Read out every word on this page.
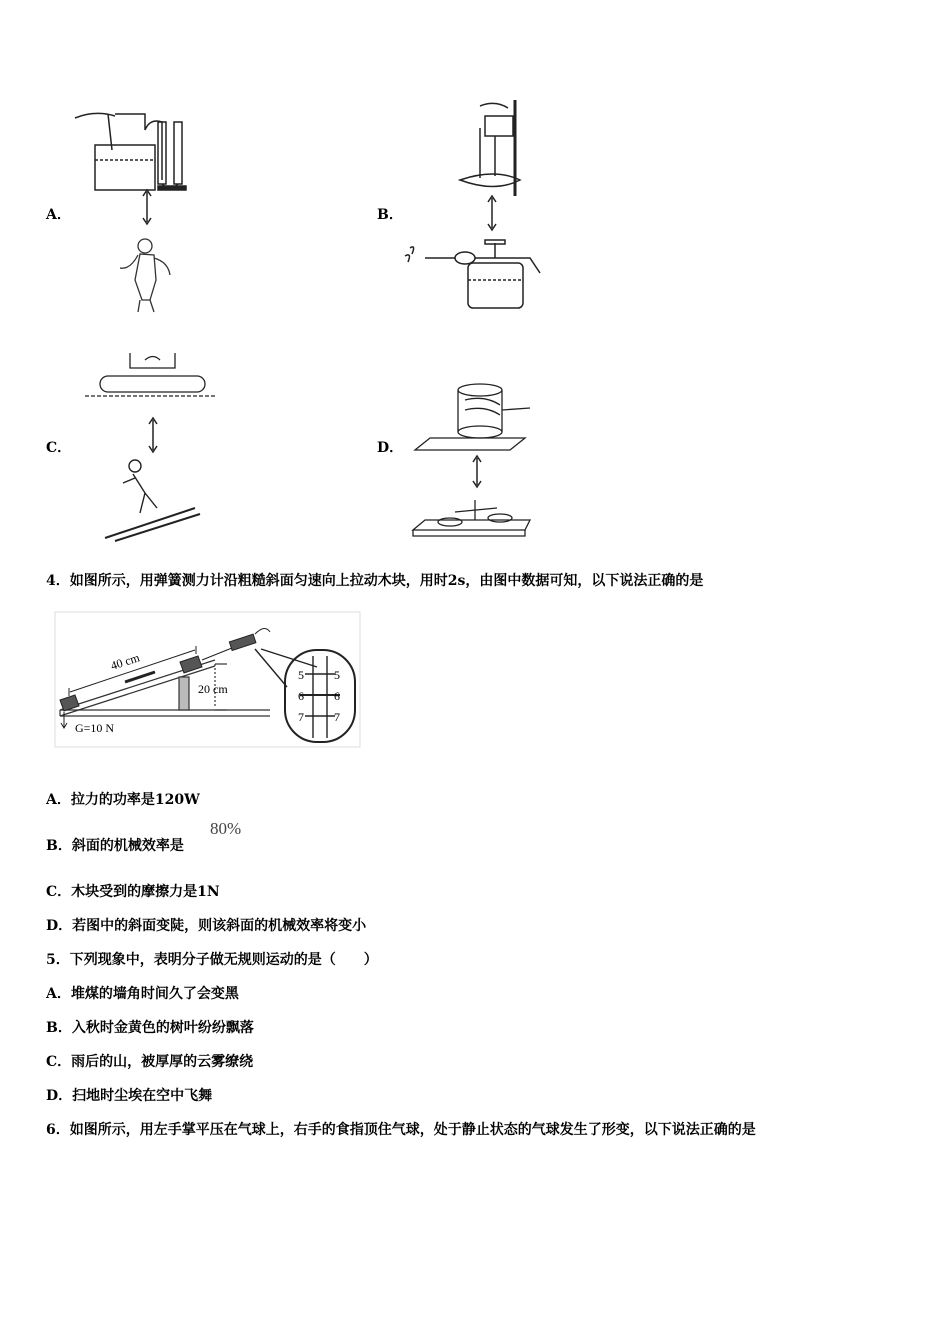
A．	B．
C．	D．
4．如图所示，用弹簧测力计沿粗糙斜面匀速向上拉动木块，用时2s，由图中数据可知，以下说法正确的是
40 cm
20 cm
G=10 N
5
6
7
5
6
7
A．拉力的功率是120W
B．斜面的机械效率是
80%
C．木块受到的摩擦力是1N
D．若图中的斜面变陡，则该斜面的机械效率将变小
5．下列现象中，表明分子做无规则运动的是（　　）
A．堆煤的墙角时间久了会变黑
B．入秋时金黄色的树叶纷纷飘落
C．雨后的山，被厚厚的云雾缭绕
D．扫地时尘埃在空中飞舞
6．如图所示，用左手掌平压在气球上，右手的食指顶住气球，处于静止状态的气球发生了形变，以下说法正确的是
